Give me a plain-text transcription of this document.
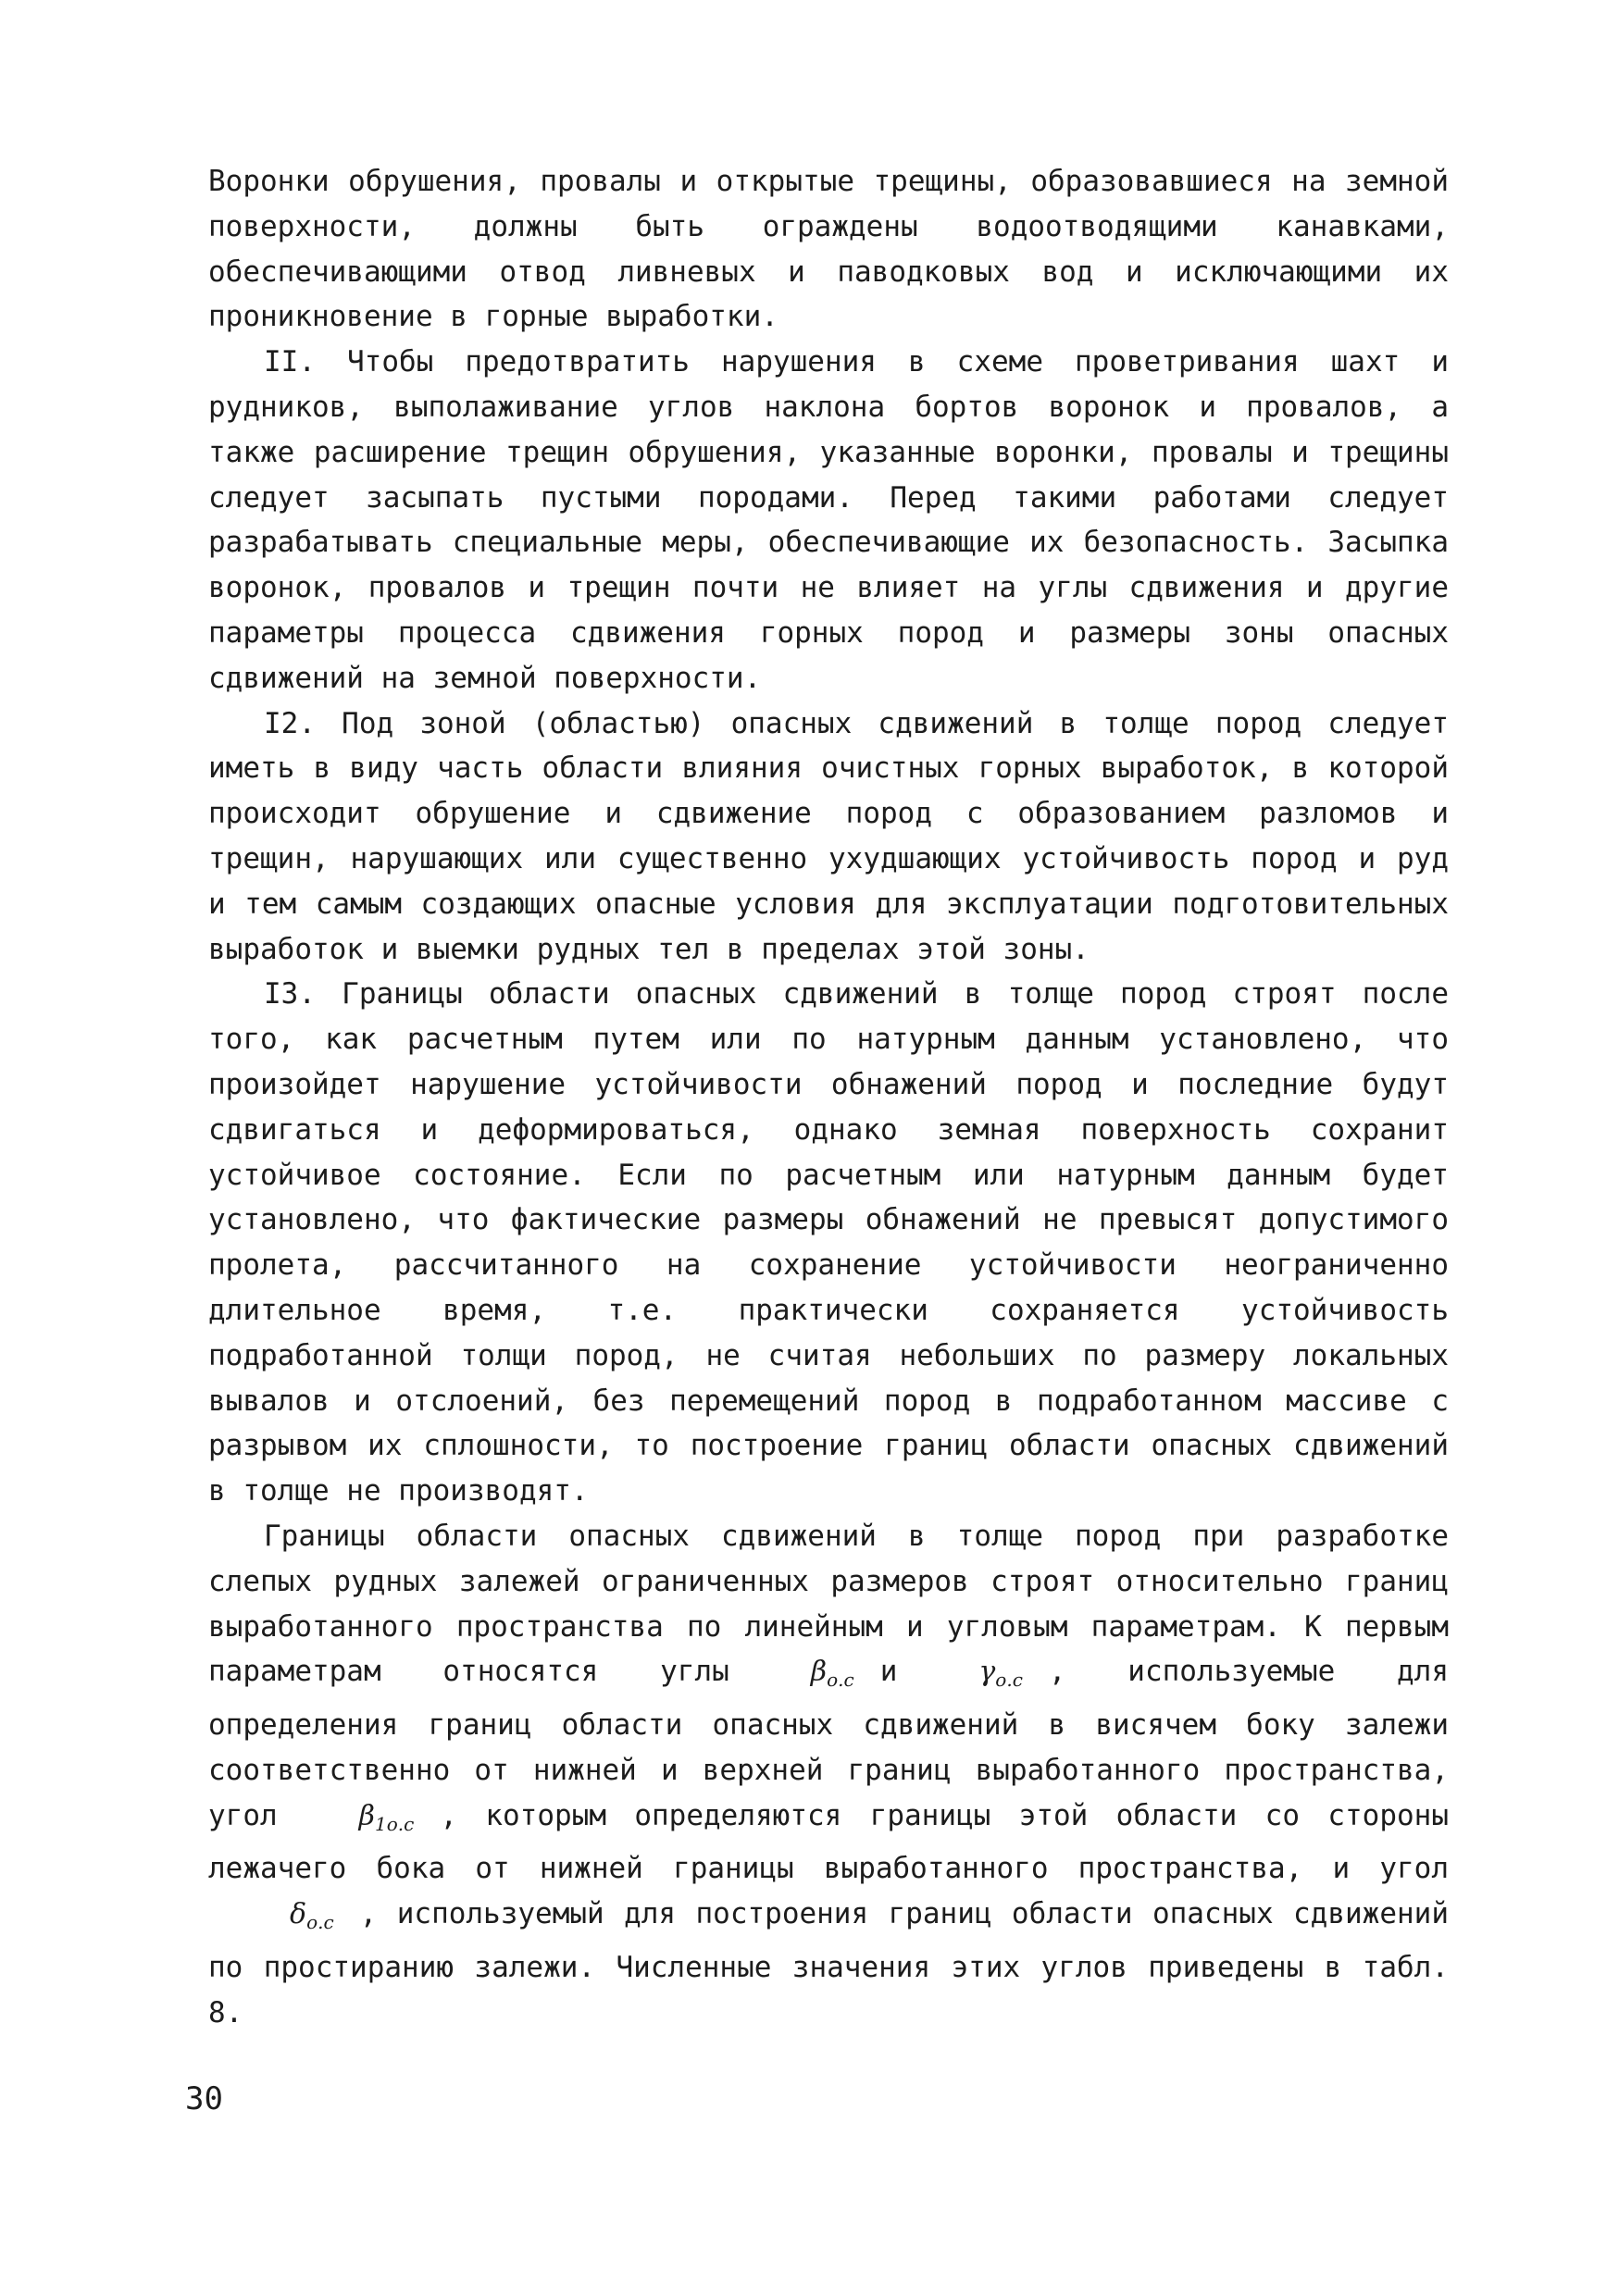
Воронки обрушения, провалы и открытые трещины, образовавшиеся на земной поверхности, должны быть ограждены водоотводящими канавками, обеспечивающими отвод ливневых и паводковых вод и исключающими их проникновение в горные выработки.

II. Чтобы предотвратить нарушения в схеме проветривания шахт и рудников, выполаживание углов наклона бортов воронок и провалов, а также расширение трещин обрушения, указанные воронки, провалы и трещины следует засыпать пустыми породами. Перед такими работами следует разрабатывать специальные меры, обеспечивающие их безопасность. Засыпка воронок, провалов и трещин почти не влияет на углы сдвижения и другие параметры процесса сдвижения горных пород и размеры зоны опасных сдвижений на земной поверхности.

I2. Под зоной (областью) опасных сдвижений в толще пород следует иметь в виду часть области влияния очистных горных выработок, в которой происходит обрушение и сдвижение пород с образованием разломов и трещин, нарушающих или существенно ухудшающих устойчивость пород и руд и тем самым создающих опасные условия для эксплуатации подготовительных выработок и выемки рудных тел в пределах этой зоны.

I3. Границы области опасных сдвижений в толще пород строят после того, как расчетным путем или по натурным данным установлено, что произойдет нарушение устойчивости обнажений пород и последние будут сдвигаться и деформироваться, однако земная поверхность сохранит устойчивое состояние. Если по расчетным или натурным данным будет установлено, что фактические размеры обнажений не превысят допустимого пролета, рассчитанного на сохранение устойчивости неограниченно длительное время, т.е. практически сохраняется устойчивость подработанной толщи пород, не считая небольших по размеру локальных вывалов и отслоений, без перемещений пород в подработанном массиве с разрывом их сплошности, то построение границ области опасных сдвижений в толще не производят.

Границы области опасных сдвижений в толще пород при разработке слепых рудных залежей ограниченных размеров строят относительно границ выработанного пространства по линейным и угловым параметрам. К первым параметрам относятся углы	$\beta_{о.с}$ и	$\gamma_{о.с}$ , используемые для определения границ области опасных сдвижений в висячем боку залежи соответственно от нижней и верхней границ выработанного пространства, угол	$\beta_{1о.с}$ , которым определяются границы этой области со стороны лежачего бока от нижней границы выработанного пространства, и уголδ$_{о.с}$ , используемый для построения границ области опасных сдвижений по простиранию залежи. Численные значения этих углов приведены в табл. 8.

30
